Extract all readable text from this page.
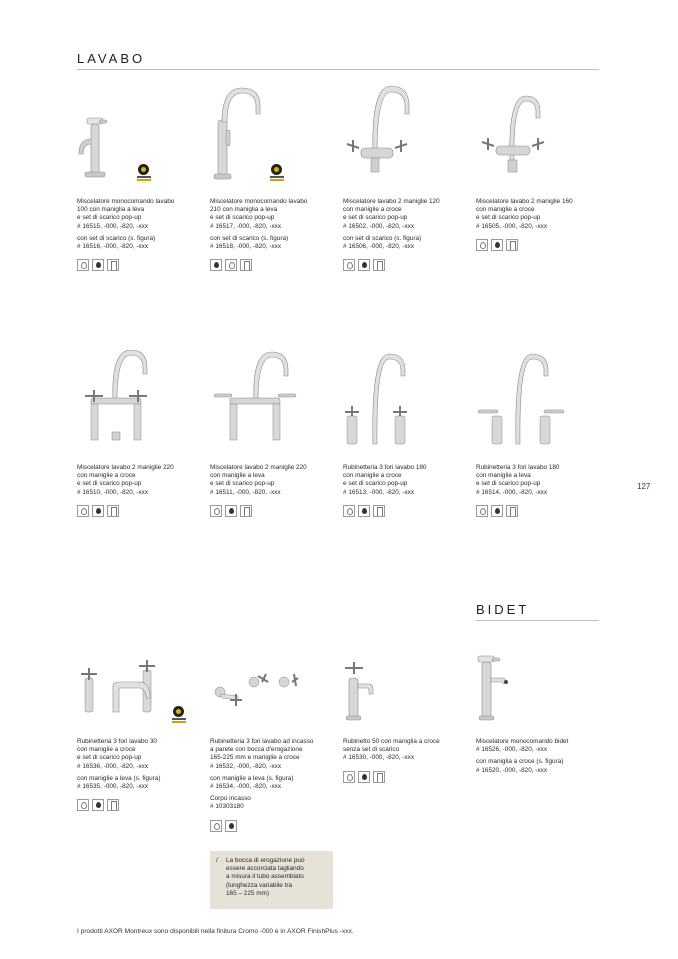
LAVABO
BIDET
127
Miscelatore monocomando lavabo
100 con maniglia a leva
e set di scarico pop-up
# 16515, -000, -820, -xxx
con set di scarico (s. figura)
# 16516, -000, -820, -xxx
Miscelatore monocomando lavabo
210 con maniglia a leva
e set di scarico pop-up
# 16517, -000, -820, -xxx
con set di scarico (s. figura)
# 16518, -000, -820, -xxx
Miscelatore lavabo 2 maniglie 120
con maniglie a croce
e set di scarico pop-up
# 16502, -000, -820, -xxx
con set di scarico (s. figura)
# 16506, -000, -820, -xxx
Miscelatore lavabo 2 maniglie 160
con maniglie a croce
e set di scarico pop-up
# 16505, -000, -820, -xxx
Miscelatore lavabo 2 maniglie 220
con maniglie a croce
e set di scarico pop-up
# 16510, -000, -820, -xxx
Miscelatore lavabo 2 maniglie 220
con maniglie a leva
e set di scarico pop-up
# 16511, -000, -820, -xxx
Rubinetteria 3 fori lavabo 180
con maniglie a croce
e set di scarico pop-up
# 16513, -000, -820, -xxx
Rubinetteria 3 fori lavabo 180
con maniglie a leva
e set di scarico pop-up
# 16514, -000, -820, -xxx
Rubinetteria 3 fori lavabo 30
con maniglie a croce
e set di scarico pop-up
# 16536, -000, -820, -xxx
con maniglie a leva (s. figura)
# 16535, -000, -820, -xxx
Rubinetteria 3 fori lavabo ad incasso
a parete con bocca d'erogazione
165-225 mm e maniglie a croce
# 16532, -000, -820, -xxx
con maniglie a leva (s. figura)
# 16534, -000, -820, -xxx
Corpo incasso
# 10303180
Rubinetto 50 con maniglia a croce
senza set di scarico
# 16530, -000, -820, -xxx
Miscelatore monocomando bidet
# 16526, -000, -820, -xxx
con maniglia a croce (s. figura)
# 16520, -000, -820, -xxx
/ La bocca di erogazione può
essere accorciata tagliando
a misura il tubo assemblato
(lunghezza variabile tra
165 – 225 mm)
I prodotti AXOR Montreux sono disponibili nella finitura Cromo -000 e in AXOR FinishPlus -xxx.
